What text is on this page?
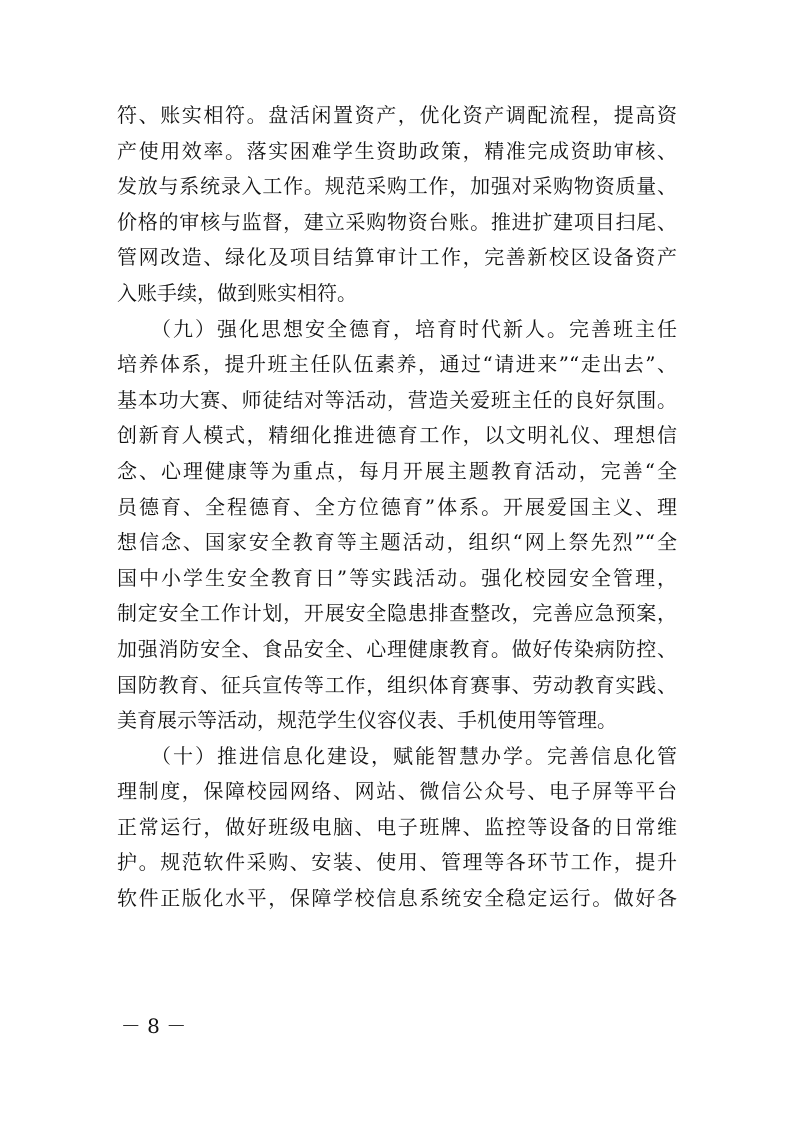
符、账实相符。盘活闲置资产，优化资产调配流程，提高资
产使用效率。落实困难学生资助政策，精准完成资助审核、
发放与系统录入工作。规范采购工作，加强对采购物资质量、
价格的审核与监督，建立采购物资台账。推进扩建项目扫尾、
管网改造、绿化及项目结算审计工作，完善新校区设备资产
入账手续，做到账实相符。
　　（九）强化思想安全德育，培育时代新人。完善班主任
培养体系，提升班主任队伍素养，通过“请进来”“走出去”、
基本功大赛、师徒结对等活动，营造关爱班主任的良好氛围。
创新育人模式，精细化推进德育工作，以文明礼仪、理想信
念、心理健康等为重点，每月开展主题教育活动，完善“全
员德育、全程德育、全方位德育”体系。开展爱国主义、理
想信念、国家安全教育等主题活动，组织“网上祭先烈”“全
国中小学生安全教育日”等实践活动。强化校园安全管理，
制定安全工作计划，开展安全隐患排查整改，完善应急预案，
加强消防安全、食品安全、心理健康教育。做好传染病防控、
国防教育、征兵宣传等工作，组织体育赛事、劳动教育实践、
美育展示等活动，规范学生仪容仪表、手机使用等管理。
　　（十）推进信息化建设，赋能智慧办学。完善信息化管
理制度，保障校园网络、网站、微信公众号、电子屏等平台
正常运行，做好班级电脑、电子班牌、监控等设备的日常维
护。规范软件采购、安装、使用、管理等各环节工作，提升
软件正版化水平，保障学校信息系统安全稳定运行。做好各
－ 8 －
